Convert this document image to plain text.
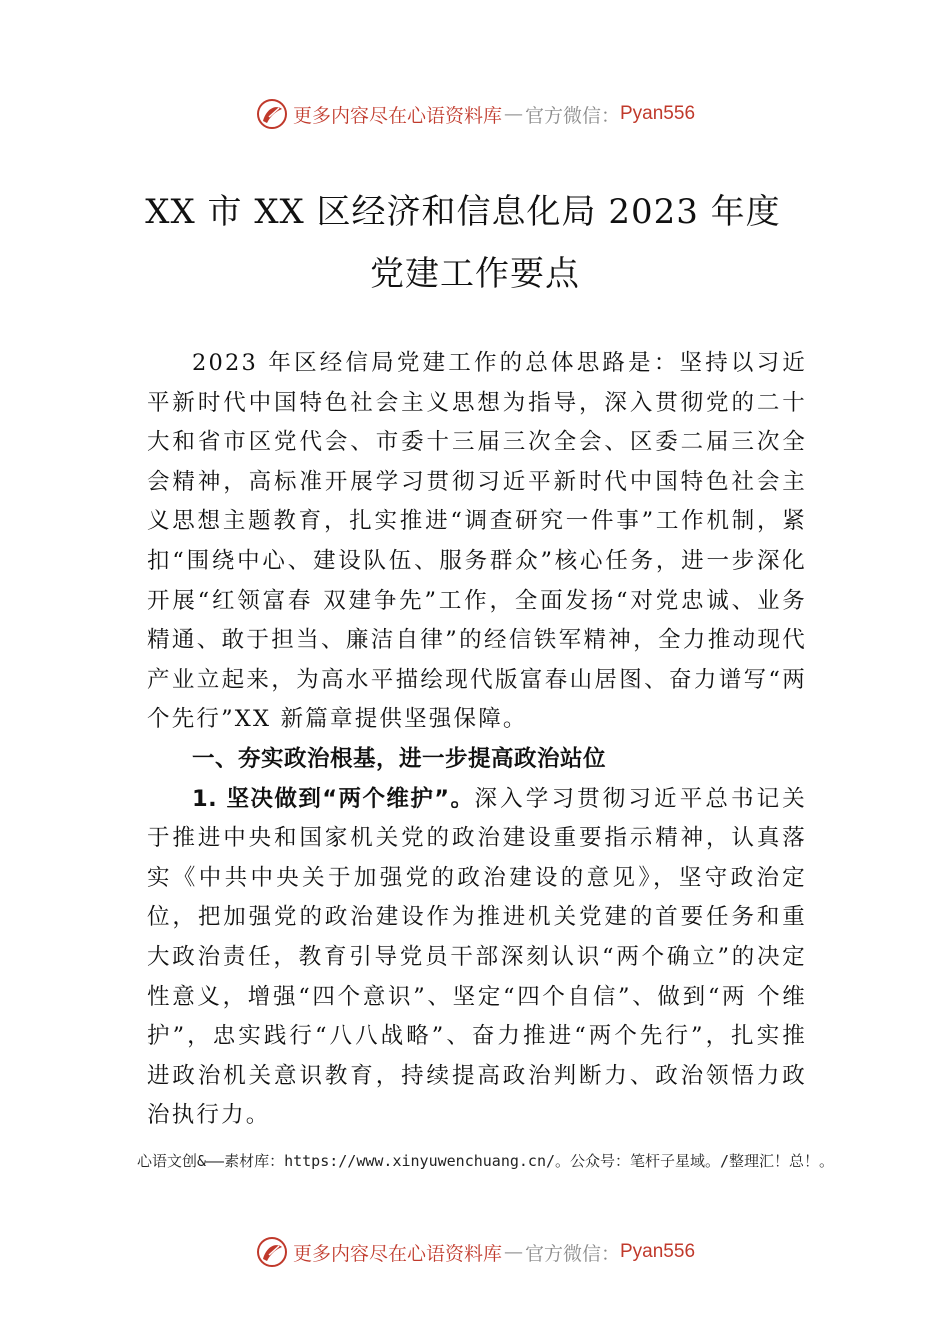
更多内容尽在心语资料库 — 官方微信： Pyan556
XX 市 XX 区经济和信息化局 2023 年度
党建工作要点

2023 年区经信局党建工作的总体思路是：坚持以习近平新时代中国特色社会主义思想为指导，深入贯彻党的二十大和省市区党代会、市委十三届三次全会、区委二届三次全会精神，高标准开展学习贯彻习近平新时代中国特色社会主义思想主题教育，扎实推进“调查研究一件事”工作机制，紧扣“围绕中心、建设队伍、服务群众”核心任务，进一步深化开展“红领富春 双建争先”工作，全面发扬“对党忠诚、业务精通、敢于担当、廉洁自律”的经信铁军精神，全力推动现代产业立起来，为高水平描绘现代版富春山居图、奋力谱写“两个先行”XX 新篇章提供坚强保障。

一、夯实政治根基，进一步提高政治站位

1. 坚决做到“两个维护”。深入学习贯彻习近平总书记关于推进中央和国家机关党的政治建设重要指示精神，认真落实《中共中央关于加强党的政治建设的意见》，坚守政治定位，把加强党的政治建设作为推进机关党建的首要任务和重大政治责任，教育引导党员干部深刻认识“两个确立”的决定性意义，增强“四个意识”、坚定“四个自信”、做到“两 个维护”，忠实践行“八八战略”、奋力推进“两个先行”，扎实推进政治机关意识教育，持续提高政治判断力、政治领悟力政治执行力。

心语文创&——素材库：https://www.xinyuwenchuang.cn/。公众号：笔杆子星域。/整理汇！总！。
更多内容尽在心语资料库 — 官方微信： Pyan556
